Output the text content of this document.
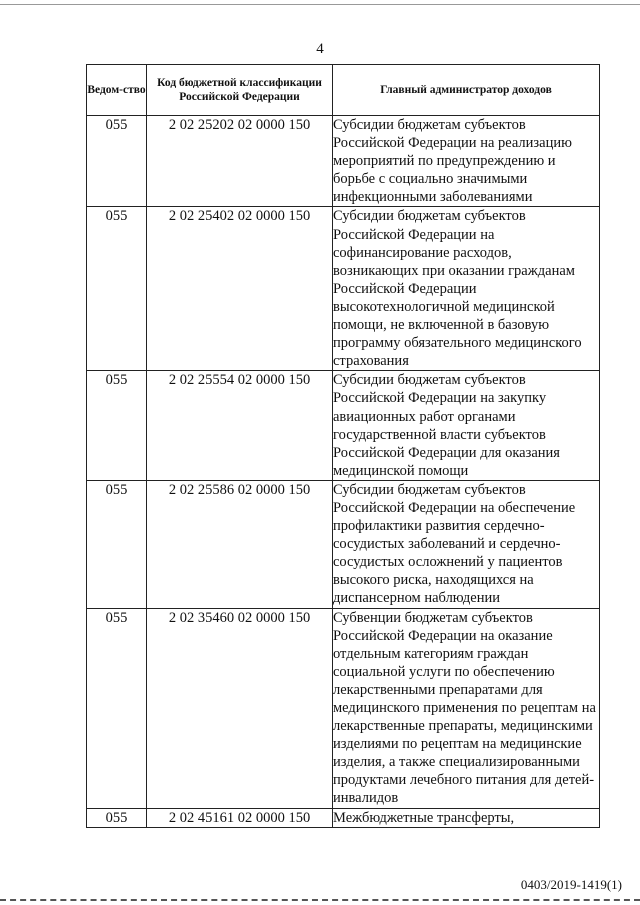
4
Ведом-ство	Код бюджетной классификации Российской Федерации	Главный администратор доходов
055	2 02 25202 02 0000 150	Субсидии бюджетам субъектов Российской Федерации на реализацию мероприятий по предупреждению и борьбе с социально значимыми инфекционными заболеваниями
055	2 02 25402 02 0000 150	Субсидии бюджетам субъектов Российской Федерации на софинансирование расходов, возникающих при оказании гражданам Российской Федерации высокотехнологичной медицинской помощи, не включенной в базовую программу обязательного медицинского страхования
055	2 02 25554 02 0000 150	Субсидии бюджетам субъектов Российской Федерации на закупку авиационных работ органами государственной власти субъектов Российской Федерации для оказания медицинской помощи
055	2 02 25586 02 0000 150	Субсидии бюджетам субъектов Российской Федерации на обеспечение профилактики развития сердечно-сосудистых заболеваний и сердечно-сосудистых осложнений у пациентов высокого риска, находящихся на диспансерном наблюдении
055	2 02 35460 02 0000 150	Субвенции бюджетам субъектов Российской Федерации на оказание отдельным категориям граждан социальной услуги по обеспечению лекарственными препаратами для медицинского применения по рецептам на лекарственные препараты, медицинскими изделиями по рецептам на медицинские изделия, а также специализированными продуктами лечебного питания для детей-инвалидов
055	2 02 45161 02 0000 150	Межбюджетные трансферты,
0403/2019-1419(1)
